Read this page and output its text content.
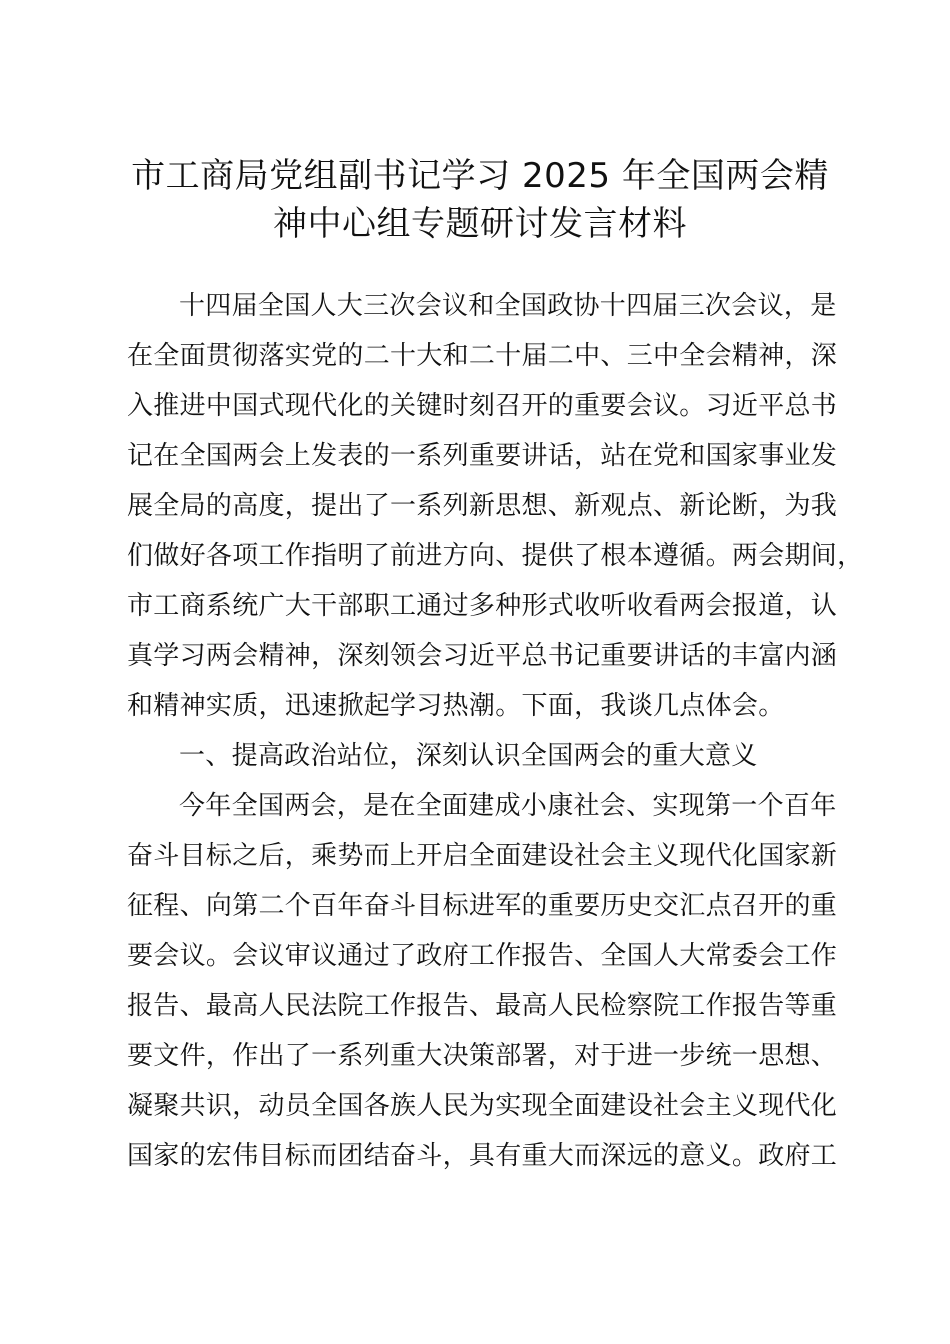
市工商局党组副书记学习 2025 年全国两会精
神中心组专题研讨发言材料
十四届全国人大三次会议和全国政协十四届三次会议，是
在全面贯彻落实党的二十大和二十届二中、三中全会精神，深
入推进中国式现代化的关键时刻召开的重要会议。习近平总书
记在全国两会上发表的一系列重要讲话，站在党和国家事业发
展全局的高度，提出了一系列新思想、新观点、新论断，为我
们做好各项工作指明了前进方向、提供了根本遵循。两会期间，
市工商系统广大干部职工通过多种形式收听收看两会报道，认
真学习两会精神，深刻领会习近平总书记重要讲话的丰富内涵
和精神实质，迅速掀起学习热潮。下面，我谈几点体会。
一、提高政治站位，深刻认识全国两会的重大意义
今年全国两会，是在全面建成小康社会、实现第一个百年
奋斗目标之后，乘势而上开启全面建设社会主义现代化国家新
征程、向第二个百年奋斗目标进军的重要历史交汇点召开的重
要会议。会议审议通过了政府工作报告、全国人大常委会工作
报告、最高人民法院工作报告、最高人民检察院工作报告等重
要文件，作出了一系列重大决策部署，对于进一步统一思想、
凝聚共识，动员全国各族人民为实现全面建设社会主义现代化
国家的宏伟目标而团结奋斗，具有重大而深远的意义。政府工
